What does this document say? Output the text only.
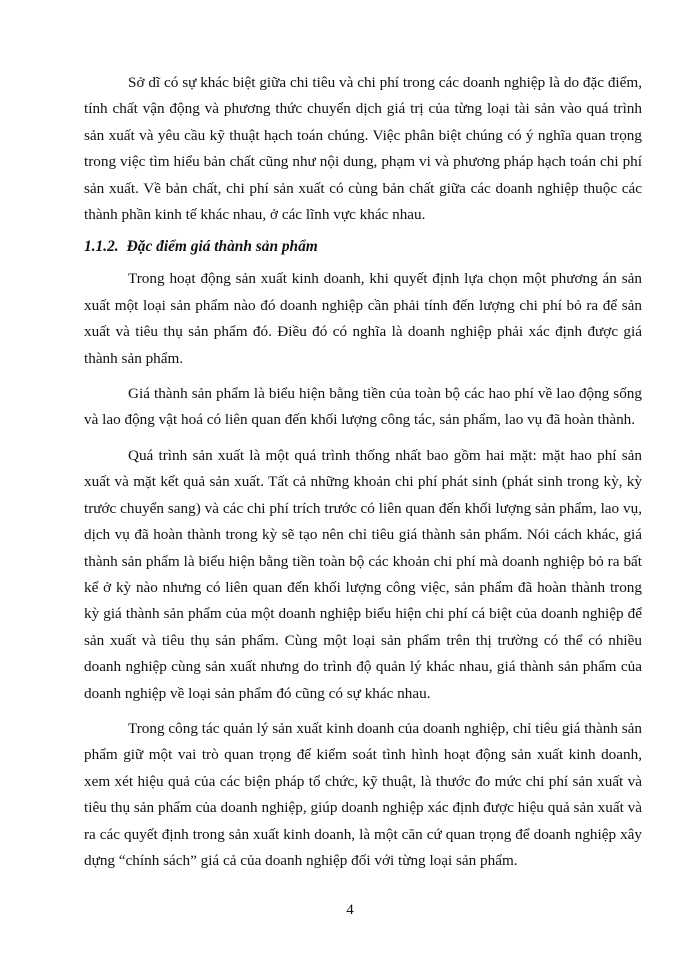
Sở dĩ có sự khác biệt giữa chi tiêu và chi phí trong các doanh nghiệp là do đặc điểm, tính chất vận động và phương thức chuyển dịch giá trị của từng loại tài sản vào quá trình sản xuất và yêu cầu kỹ thuật hạch toán chúng. Việc phân biệt chúng có ý nghĩa quan trọng trong việc tìm hiểu bản chất cũng như nội dung, phạm vi và phương pháp hạch toán chi phí sản xuất. Về bản chất, chi phí sản xuất có cùng bản chất giữa các doanh nghiệp thuộc các thành phần kinh tế khác nhau, ở các lĩnh vực khác nhau.

1.1.2. Đặc điểm giá thành sản phẩm

Trong hoạt động sản xuất kinh doanh, khi quyết định lựa chọn một phương án sản xuất một loại sản phẩm nào đó doanh nghiệp cần phải tính đến lượng chi phí bỏ ra để sản xuất và tiêu thụ sản phẩm đó. Điều đó có nghĩa là doanh nghiệp phải xác định được giá thành sản phẩm.

Giá thành sản phẩm là biểu hiện bằng tiền của toàn bộ các hao phí về lao động sống và lao động vật hoá có liên quan đến khối lượng công tác, sản phẩm, lao vụ đã hoàn thành.

Quá trình sản xuất là một quá trình thống nhất bao gồm hai mặt: mặt hao phí sản xuất và mặt kết quả sản xuất. Tất cả những khoản chi phí phát sinh (phát sinh trong kỳ, kỳ trước chuyển sang) và các chi phí trích trước có liên quan đến khối lượng sản phẩm, lao vụ, dịch vụ đã hoàn thành trong kỳ sẽ tạo nên chỉ tiêu giá thành sản phẩm. Nói cách khác, giá thành sản phẩm là biểu hiện bằng tiền toàn bộ các khoản chi phí mà doanh nghiệp bỏ ra bất kể ở kỳ nào nhưng có liên quan đến khối lượng công việc, sản phẩm đã hoàn thành trong kỳ giá thành sản phẩm của một doanh nghiệp biểu hiện chi phí cá biệt của doanh nghiệp để sản xuất và tiêu thụ sản phẩm. Cùng một loại sản phẩm trên thị trường có thể có nhiều doanh nghiệp cùng sản xuất nhưng do trình độ quản lý khác nhau, giá thành sản phẩm của doanh nghiệp về loại sản phẩm đó cũng có sự khác nhau.

Trong công tác quản lý sản xuất kinh doanh của doanh nghiệp, chỉ tiêu giá thành sản phẩm giữ một vai trò quan trọng để kiểm soát tình hình hoạt động sản xuất kinh doanh, xem xét hiệu quả của các biện pháp tổ chức, kỹ thuật, là thước đo mức chi phí sản xuất và tiêu thụ sản phẩm của doanh nghiệp, giúp doanh nghiệp xác định được hiệu quả sản xuất và ra các quyết định trong sản xuất kinh doanh, là một căn cứ quan trọng để doanh nghiệp xây dựng “chính sách” giá cả của doanh nghiệp đối với từng loại sản phẩm.

4
